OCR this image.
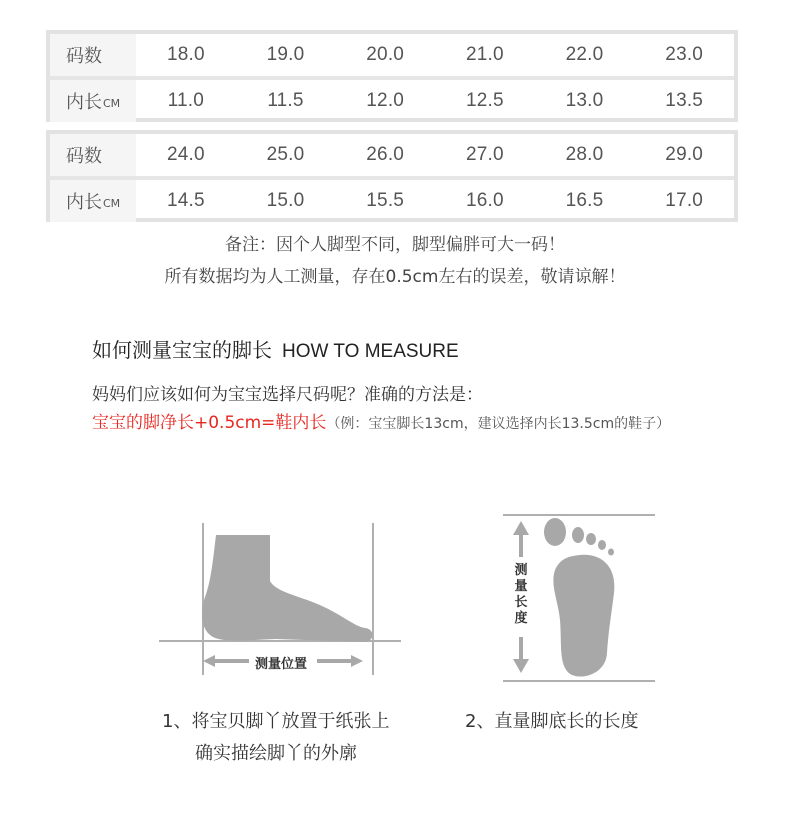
码数	18.0	19.0	20.0	21.0	22.0	23.0
内长 CM	11.0	11.5	12.0	12.5	13.0	13.5
码数	24.0	25.0	26.0	27.0	28.0	29.0
内长 CM	14.5	15.0	15.5	16.0	16.5	17.0
备注：因个人脚型不同，脚型偏胖可大一码！
所有数据均为人工测量，存在0.5cm左右的误差，敬请谅解！
如何测量宝宝的脚长 HOW TO MEASURE
妈妈们应该如何为宝宝选择尺码呢？准确的方法是：
宝宝的脚净长+0.5cm=鞋内长（例：宝宝脚长13cm，建议选择内长13.5cm的鞋子）
测量位置
测量长度
1、将宝贝脚丫放置于纸张上
确实描绘脚丫的外廓
2、直量脚底长的长度
